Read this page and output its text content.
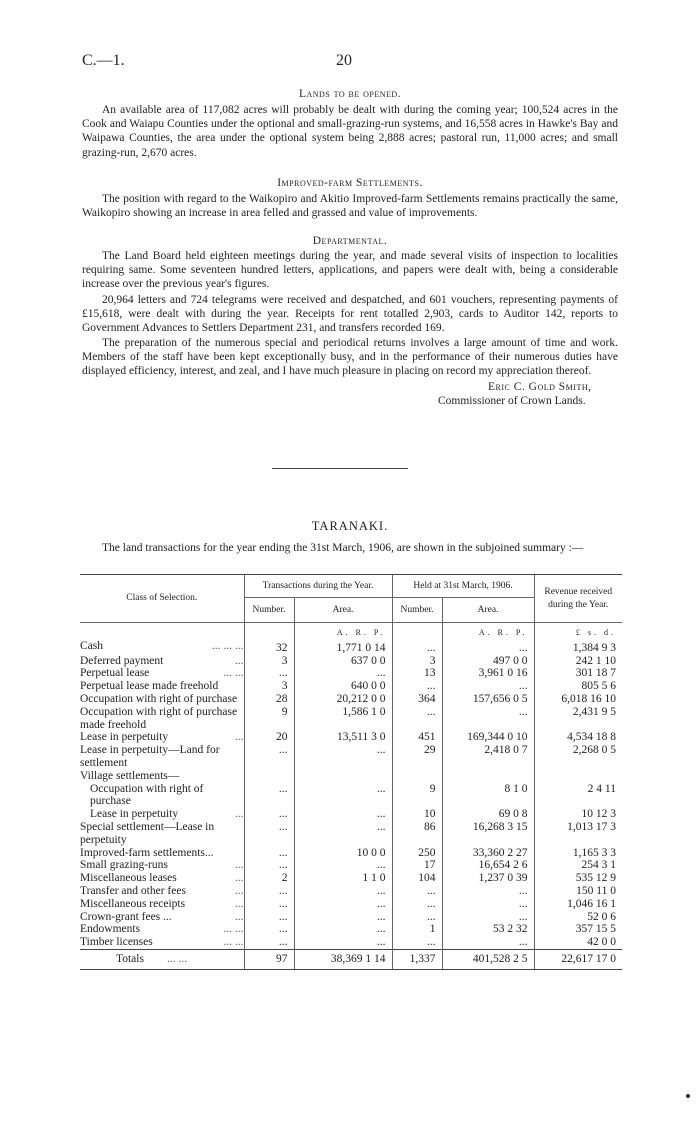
C.—1.	20
Lands to be opened.

An available area of 117,082 acres will probably be dealt with during the coming year; 100,524 acres in the Cook and Waiapu Counties under the optional and small-grazing-run systems, and 16,558 acres in Hawke's Bay and Waipawa Counties, the area under the optional system being 2,888 acres; pastoral run, 11,000 acres; and small grazing-run, 2,670 acres.

Improved-farm Settlements.

The position with regard to the Waikopiro and Akitio Improved-farm Settlements remains practically the same, Waikopiro showing an increase in area felled and grassed and value of improvements.

Departmental.

The Land Board held eighteen meetings during the year, and made several visits of inspection to localities requiring same. Some seventeen hundred letters, applications, and papers were dealt with, being a considerable increase over the previous year's figures.

20,964 letters and 724 telegrams were received and despatched, and 601 vouchers, representing payments of £15,618, were dealt with during the year. Receipts for rent totalled 2,903, cards to Auditor 142, reports to Government Advances to Settlers Department 231, and transfers recorded 169.

The preparation of the numerous special and periodical returns involves a large amount of time and work. Members of the staff have been kept exceptionally busy, and in the performance of their numerous duties have displayed efficiency, interest, and zeal, and I have much pleasure in placing on record my appreciation thereof.

Eric C. Gold Smith,
Commissioner of Crown Lands.
TARANAKI.

The land transactions for the year ending the 31st March, 1906, are shown in the subjoined summary :—

Class of Selection.	Transactions during the Year.		Held at 31st March, 1906.		Revenue received during the Year.
	Number.	Area.	Number.	Area.	
		A. R. P.		A. R. P.	£ s. d.
Cash ... ... ...	32	1,771 0 14	...	...	1,384 9 3
Deferred payment ...	3	637 0 0	3	497 0 0	242 1 10
Perpetual lease ... ...	...	...	13	3,961 0 16	301 18 7
Perpetual lease made freehold	3	640 0 0	...	...	805 5 6
Occupation with right of purchase	28	20,212 0 0	364	157,656 0 5	6,018 16 10
Occupation with right of purchase made freehold	9	1,586 1 0	...	...	2,431 9 5
Lease in perpetuity ...	20	13,511 3 0	451	169,344 0 10	4,534 18 8
Lease in perpetuity—Land for settlement	...	...	29	2,418 0 7	2,268 0 5
Village settlements—					
Occupation with right of purchase	...	...	9	8 1 0	2 4 11
Lease in perpetuity ...	...	...	10	69 0 8	10 12 3
Special settlement—Lease in perpetuity	...	...	86	16,268 3 15	1,013 17 3
Improved-farm settlements...	...	10 0 0	250	33,360 2 27	1,165 3 3
Small grazing-runs ...	...	...	17	16,654 2 6	254 3 1
Miscellaneous leases ...	2	1 1 0	104	1,237 0 39	535 12 9
Transfer and other fees ...	...	...	...	...	150 11 0
Miscellaneous receipts ...	...	...	...	...	1,046 16 1
Crown-grant fees ... ...	...	...	...	...	52 0 6
Endowments ... ...	...	...	1	53 2 32	357 15 5
Timber licenses ... ...	...	...	...	...	42 0 0
Totals ... ...	97	38,369 1 14	1,337	401,528 2 5	22,617 17 0
